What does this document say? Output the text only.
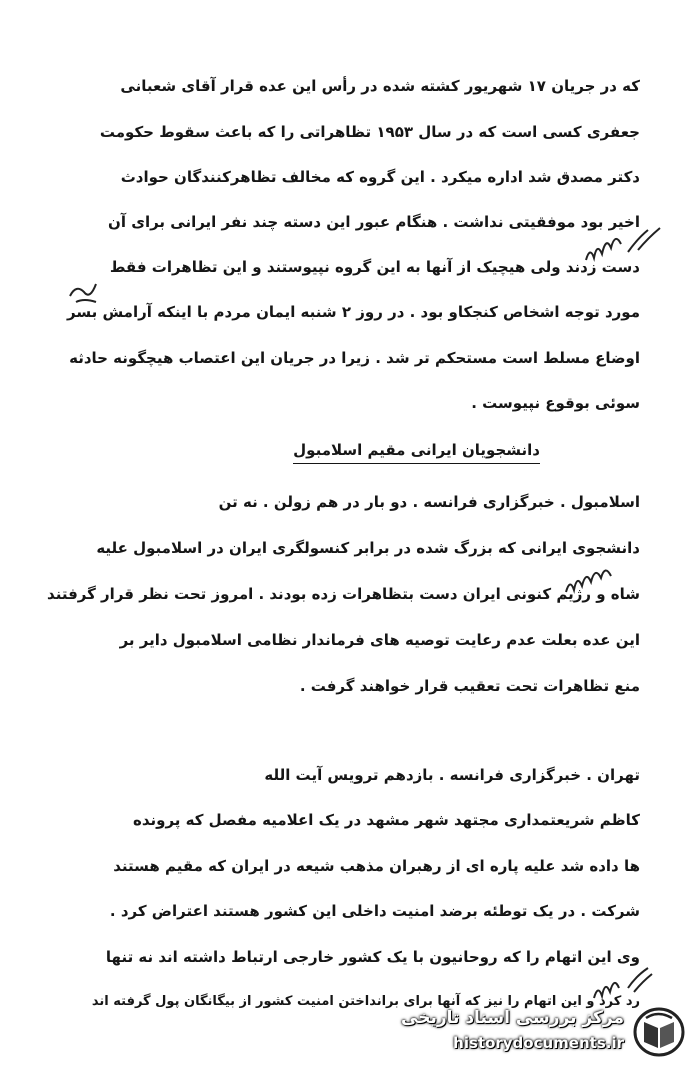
که در جریان ۱۷ شهریور کشته شده در رأس این عده قرار آقای شعبانی
جعفری کسی است که در سال ۱۹۵۳ تظاهراتی را که باعث سقوط حکومت
دکتر مصدق شد اداره میکرد . این گروه که مخالف تظاهرکنندگان حوادث
اخیر بود موفقیتی نداشت . هنگام عبور این دسته چند نفر ایرانی برای آن
دست زدند ولی هیچیک از آنها به این گروه نپیوستند و این تظاهرات فقط
مورد توجه اشخاص کنجکاو بود . در روز ۲ شنبه ایمان مردم با اینکه آرامش بسر
اوضاع مسلط است مستحکم تر شد . زیرا در جریان این اعتصاب هیچگونه حادثه
سوئی بوقوع نپیوست .
دانشجویان ایرانی مقیم اسلامبول
اسلامبول . خبرگزاری فرانسه . دو بار در هم زولن . نه تن
دانشجوی ایرانی که بزرگ شده در برابر کنسولگری ایران در اسلامبول علیه
شاه و رژیم کنونی ایران دست بتظاهرات زده بودند . امروز تحت نظر قرار گرفتند
این عده بعلت عدم رعایت توصیه های فرماندار نظامی اسلامبول دایر بر
منع تظاهرات تحت تعقیب قرار خواهند گرفت .
تهران . خبرگزاری فرانسه . بازدهم ترویس آیت الله
کاظم شریعتمداری مجتهد شهر مشهد در یک اعلامیه مفصل که پرونده
ها داده شد علیه پاره ای از رهبران مذهب شیعه در ایران که مقیم هستند
شرکت . در یک توطئه برضد امنیت داخلی این کشور هستند اعتراض کرد .
وی این اتهام را که روحانیون با یک کشور خارجی ارتباط داشته اند نه تنها
رد کرد و این اتهام را نیز که آنها برای برانداختن امنیت کشور از بیگانگان پول گرفته اند
مرکز بررسی اسناد تاریخی
historydocuments.ir
